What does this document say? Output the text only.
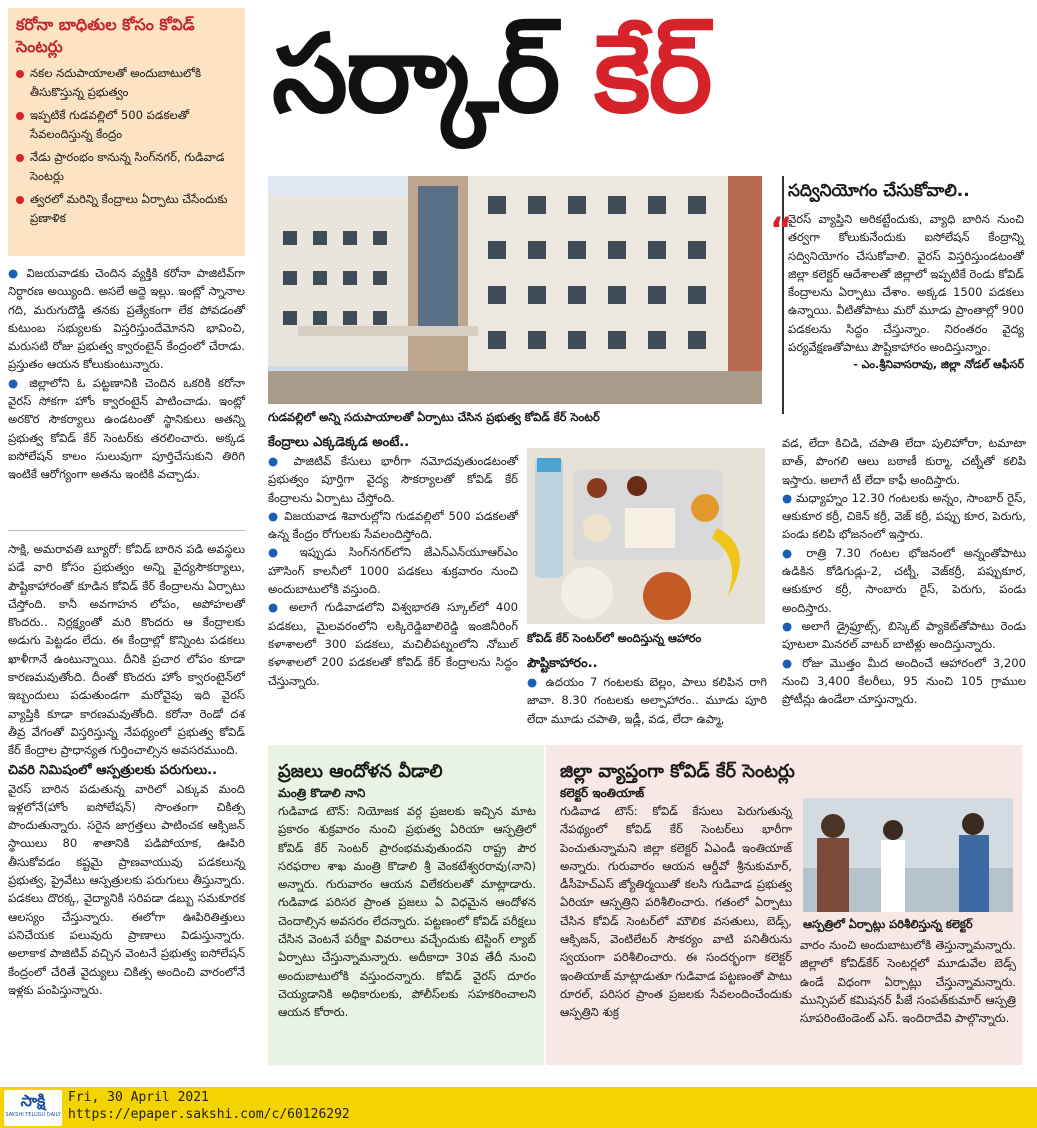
కరోనా బాధితుల కోసం కోవిడ్ సెంటర్లు
నకల నదుపాయాలతో అందుబాటులోకి తీసుకొస్తున్న ప్రభుత్వం
ఇప్పటికే గుడవల్లిలో 500 పడకలతో సేవలందిస్తున్న కేంద్రం
నేడు ప్రారంభం కానున్న సింగ్‌నగర్, గుడివాడ సెంటర్లు
త్వరలో మరిన్ని కేంద్రాలు ఏర్పాటు చేసేందుకు ప్రణాళిక
సర్కార్ కేర్

● విజయవాడకు చెందిన వ్యక్తికి కరోనా పాజిటివ్‌గా నిర్ధారణ అయ్యింది. అసలే అద్దె ఇల్లు. ఇంట్లో స్నానాల గది, మరుగుదొడ్డి తనకు ప్రత్యేకంగా లేక పోవడంతో కుటుంబ సభ్యులకు విస్తరిస్తుందేమోనని భావించి, మరుసటి రోజు ప్రభుత్వ క్వారంటైన్ కేంద్రంలో చేరాడు. ప్రస్తుతం ఆయన కోలుకుంటున్నారు.

● జిల్లాలోని ఓ పట్టణానికి చెందిన ఒకరికి కరోనా వైరస్ సోకగా హోం క్వారంటైన్ పాటించాడు. ఇంట్లో అరకొర సౌకర్యాలు ఉండటంతో స్థానికులు అతన్ని ప్రభుత్వ కోవిడ్ కేర్ సెంటర్‌కు తరలించారు. అక్కడ ఐసోలేషన్ కాలం సులువుగా పూర్తిచేసుకుని తిరిగి ఇంటికే ఆరోగ్యంగా అతను ఇంటికి వచ్చాడు.

సాక్షి, అమరావతి బ్యూరో: కోవిడ్ బారిన పడి అవస్థలు పడే వారి కోసం ప్రభుత్వం అన్ని వైద్యసౌకర్యాలు, పౌష్టికాహారంతో కూడిన కోవిడ్ కేర్ కేంద్రాలను ఏర్పాటు చేస్తోంది. కానీ అవగాహన లోపం, అపోహలతో కొందరు.. నిర్లక్ష్యంతో మరి కొందరు ఆ కేంద్రాలకు అడుగు పెట్టడం లేదు. ఈ కేంద్రాల్లో కొన్నింట పడకలు ఖాళీగానే ఉంటున్నాయి. దీనికి ప్రచార లోపం కూడా కారణమవుతోంది. దీంతో కొందరు హోం క్వారంటైన్‌లో ఇబ్బందులు పడుతుండగా మరోవైపు ఇది వైరస్ వ్యాప్తికి కూడా కారణమవుతోంది. కరోనా రెండో దశ తీవ్ర వేగంతో విస్తరిస్తున్న నేపథ్యంలో ప్రభుత్వ కోవిడ్ కేర్ కేంద్రాల ప్రాధాన్యత గుర్తించాల్సిన అవసరముంది.

చివరి నిమిషంలో ఆస్పత్రులకు పరుగులు..

వైరస్ బారిన పడుతున్న వారిలో ఎక్కువ మంది ఇళ్లలోనే(హోం ఐసోలేషన్) సొంతంగా చికిత్స పొందుతున్నారు. సరైన జాగ్రత్తలు పాటించక ఆక్సిజన్ స్థాయిలు 80 శాతానికి పడిపోయాక, ఊపిరి తీసుకోవడం కష్టమై ప్రాణవాయువు పడకలున్న ప్రభుత్వ, ప్రైవేటు ఆస్పత్రులకు పరుగులు తీస్తున్నారు. పడకలు దొరక్క, వైద్యానికి సరిపడా డబ్బు సమకూరక ఆలస్యం చేస్తున్నారు. ఈలోగా ఊపిరితిత్తులు పనిచేయక పలువురు ప్రాణాలు విడుస్తున్నారు. అలాకాక పాజిటివ్ వచ్చిన వెంటనే ప్రభుత్వ ఐసోలేషన్ కేంద్రంలో చేరితే వైద్యులు చికిత్స అందించి వారంలోనే ఇళ్లకు పంపిస్తున్నారు.

గుడవల్లిలో అన్ని సదుపాయాలతో ఏర్పాటు చేసిన ప్రభుత్వ కోవిడ్ కేర్ సెంటర్
సద్వినియోగం చేసుకోవాలి..
“

వైరస్ వ్యాప్తిని అరికట్టేందుకు, వ్యాధి బారిన నుంచి తర్వగా కోలుకునేందుకు ఐసోలేషన్ కేంద్రాన్ని సద్వినియోగం చేసుకోవాలి. వైరస్ విస్తరిస్తుండటంతో జిల్లా కలెక్టర్ ఆదేశాలతో జిల్లాలో ఇప్పటికే రెండు కోవిడ్ కేంద్రాలను ఏర్పాటు చేశాం. అక్కడ 1500 పడకలు ఉన్నాయి. వీటితోపాటు మరో మూడు ప్రాంతాల్లో 900 పడకలను సిద్ధం చేస్తున్నాం. నిరంతరం వైద్య పర్యవేక్షణతోపాటు పౌష్టికాహారం అందిస్తున్నాం.

- ఎం.శ్రీనివాసరావు, జిల్లా నోడల్ ఆఫీసర్

కేంద్రాలు ఎక్కడెక్కడ అంటే..

● పాజిటివ్ కేసులు భారీగా నమోదవుతుండటంతో ప్రభుత్వం పూర్తిగా వైద్య సౌకర్యాలతో కోవిడ్ కేర్ కేంద్రాలను ఏర్పాటు చేస్తోంది.

● విజయవాడ శివారుల్లోని గుడవల్లిలో 500 పడకలతో ఉన్న కేంద్రం రోగులకు సేవలందిస్తోంది.

● ఇప్పుడు సింగ్‌నగర్‌లోని జేఎన్ఎన్‌యూఆర్ఎం హౌసింగ్ కాలనీలో 1000 పడకలు శుక్రవారం నుంచి అందుబాటులోకి వస్తుంది.

● అలాగే గుడివాడలోని విశ్వభారతి స్కూల్‌లో 400 పడకలు, మైలవరంలోని లక్కిరెడ్డిబాలిరెడ్డి ఇంజినీరింగ్ కళాశాలలో 300 పడకలు, మచిలీపట్నంలోని నోబుల్ కళాశాలలో 200 పడకలతో కోవిడ్ కేర్ కేంద్రాలను సిద్ధం చేస్తున్నారు.

కోవిడ్ కేర్ సెంటర్‌లో అందిస్తున్న ఆహారం

పౌష్టికాహారం..

● ఉదయం 7 గంటలకు బెల్లం, పాలు కలిపిన రాగి జావా. 8.30 గంటలకు అల్పాహారం.. మూడు పూరి లేదా మూడు చపాతి, ఇడ్లీ, వడ, లేదా ఉప్మా,

వడ, లేదా కిచిడి, చపాతి లేదా పులిహోరా, టమాటా బాత్, పొంగలి ఆలు బఠాణీ కుర్మా, చట్నీతో కలిపి ఇస్తారు. అలాగే టీ లేదా కాఫీ అందిస్తారు.

● మధ్యాహ్నం 12.30 గంటలకు అన్నం, సాంబార్ రైస్, ఆకుకూర కర్రీ, చికెన్ కర్రీ, వెజ్ కర్రీ, పప్పు కూర, పెరుగు, పండు కలిపి భోజనంలో ఇస్తారు.

● రాత్రి 7.30 గంటల భోజనంలో అన్నంతోపాటు ఉడికిన కోడిగుడ్లు-2, చట్నీ, వెజ్‌కర్రీ, పప్పుకూర, ఆకుకూర కర్రీ, సాంబారు రైస్, పెరుగు, పండు అందిస్తారు.

● అలాగే డ్రైఫ్రూట్స్, బిస్కెట్ ప్యాకెట్‌తోపాటు రెండు పూటలా మినరల్ వాటర్ బాటిళ్లు అందిస్తున్నారు.

● రోజు మొత్తం మీద అందించే ఆహారంలో 3,200 నుంచి 3,400 కేలరీలు, 95 నుంచి 105 గ్రాముల ప్రోటీన్లు ఉండేలా చూస్తున్నారు.

ప్రజలు ఆందోళన వీడాలి
మంత్రి కొడాలి నాని

గుడివాడ టౌన్: నియోజక వర్గ ప్రజలకు ఇచ్చిన మాట ప్రకారం శుక్రవారం నుంచి ప్రభుత్వ ఏరియా ఆస్పత్రిలో కోవిడ్ కేర్ సెంటర్ ప్రారంభమవుతుందని రాష్ట్ర పౌర సరఫరాల శాఖ మంత్రి కొడాలి శ్రీ వెంకటేశ్వరరావు(నాని) అన్నారు. గురువారం ఆయన విలేకరులతో మాట్లాడారు. గుడివాడ పరిసర ప్రాంత ప్రజలు ఏ విధమైన ఆందోళన చెందాల్సిన అవసరం లేదన్నారు. పట్టణంలో కోవిడ్ పరీక్షలు చేసిన వెంటనే పరీక్షా వివరాలు వచ్చేందుకు టెస్టింగ్ ల్యాబ్ ఏర్పాటు చేస్తున్నామన్నారు. అదీకాదా 30వ తేదీ నుంచి అందుబాటులోకి వస్తుందన్నారు. కోవిడ్ వైరస్ దూరం చెయ్యడానికి అధికారులకు, పోలీస్‌లకు సహకరించాలని ఆయన కోరారు.

జిల్లా వ్యాప్తంగా కోవిడ్ కేర్ సెంటర్లు
కలెక్టర్ ఇంతియాజ్

గుడివాడ టౌన్: కోవిడ్ కేసులు పెరుగుతున్న నేపథ్యంలో కోవిడ్ కేర్ సెంటర్‌లు భారీగా పెంచుతున్నామని జిల్లా కలెక్టర్ ఏఎండీ ఇంతియాజ్ అన్నారు. గురువారం ఆయన ఆర్డీవో శ్రీనుకుమార్, డీసీహెచ్ఎస్ జ్యోతిర్మయితో కలసి గుడివాడ ప్రభుత్వ ఏరియా ఆస్పత్రిని పరిశీలించారు. గతంలో ఏర్పాటు చేసిన కోవిడ్ సెంటర్‌లో మౌలిక వసతులు, బెడ్స్, ఆక్సిజన్, వెంటిలేటర్ సౌకర్యం వాటి పనితీరును స్వయంగా పరిశీలించారు. ఈ సందర్భంగా కలెక్టర్ ఇంతియాజ్ మాట్లాడుతూ గుడివాడ పట్టణంతో పాటు రూరల్, పరిసర ప్రాంత ప్రజలకు సేవలందించేందుకు ఆస్పత్రిని శుక్ర

ఆస్పత్రిలో ఏర్పాట్లు పరిశీలిస్తున్న కలెక్టర్
వారం నుంచి అందుబాటులోకి తెస్తున్నామన్నారు. జిల్లాలో కోవిడ్‌కేర్ సెంటర్లలో మూడువేల బెడ్స్ ఉండే విధంగా ఏర్పాట్లు చేస్తున్నామన్నారు. మున్సిపల్ కమిషనర్ పీజే సంపత్‌కుమార్ ఆస్పత్రి సూపరింటెండెంట్ ఎస్. ఇందిరాదేవి పాల్గొన్నారు.
సాక్షి
SAKSHI TELUGU DAILY
Fri, 30 April 2021
https://epaper.sakshi.com/c/60126292
